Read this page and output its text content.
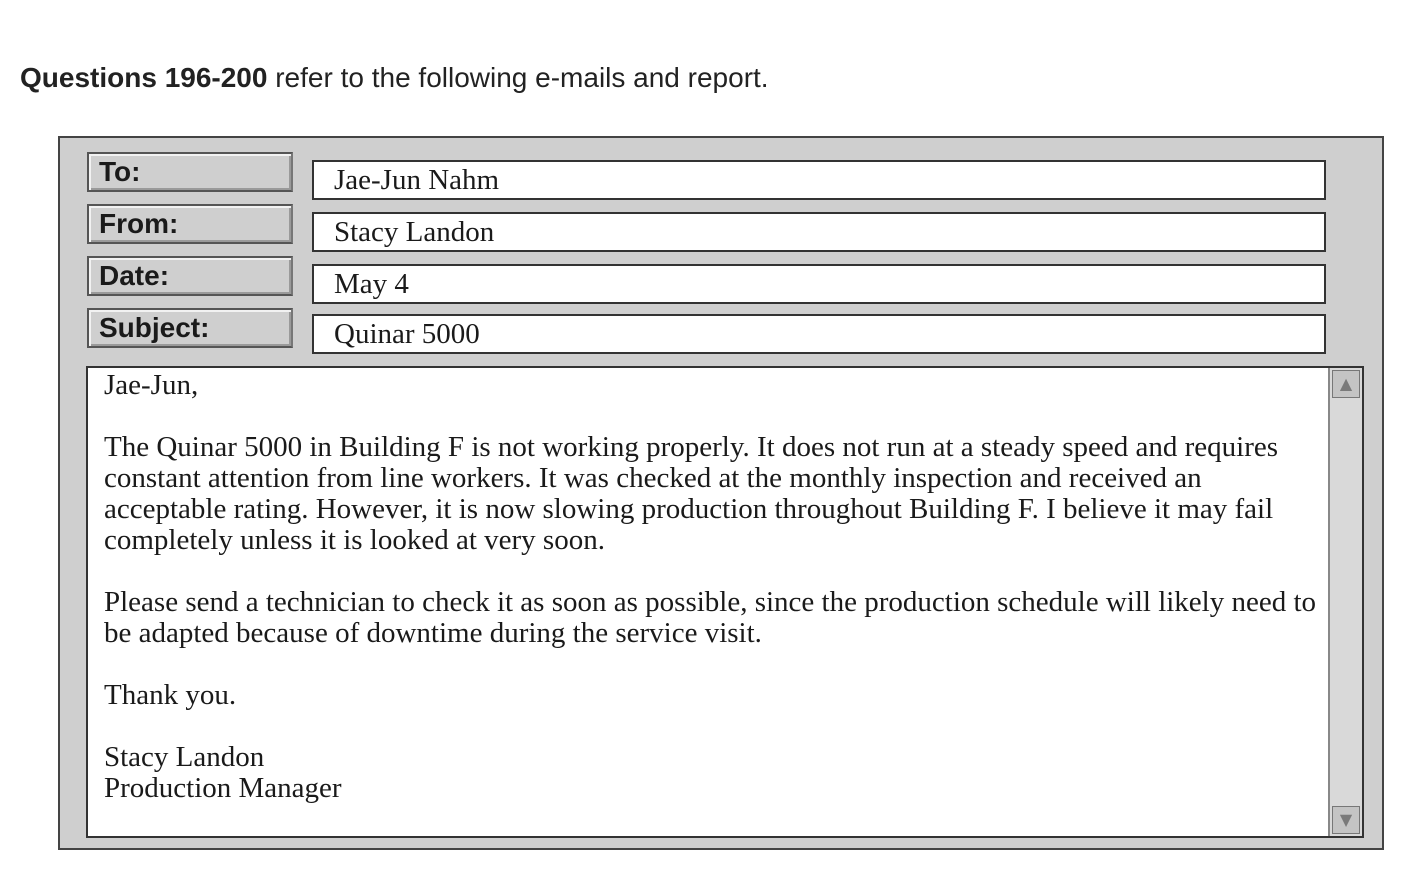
Questions 196-200 refer to the following e-mails and report.
To:	Jae-Jun Nahm
From:	Stacy Landon
Date:	May 4
Subject:	Quinar 5000

Jae-Jun,

The Quinar 5000 in Building F is not working properly. It does not run at a steady speed and requires constant attention from line workers. It was checked at the monthly inspection and received an acceptable rating. However, it is now slowing production throughout Building F. I believe it may fail completely unless it is looked at very soon.

Please send a technician to check it as soon as possible, since the production schedule will likely need to be adapted because of downtime during the service visit.

Thank you.

Stacy Landon
Production Manager

▲
▼
